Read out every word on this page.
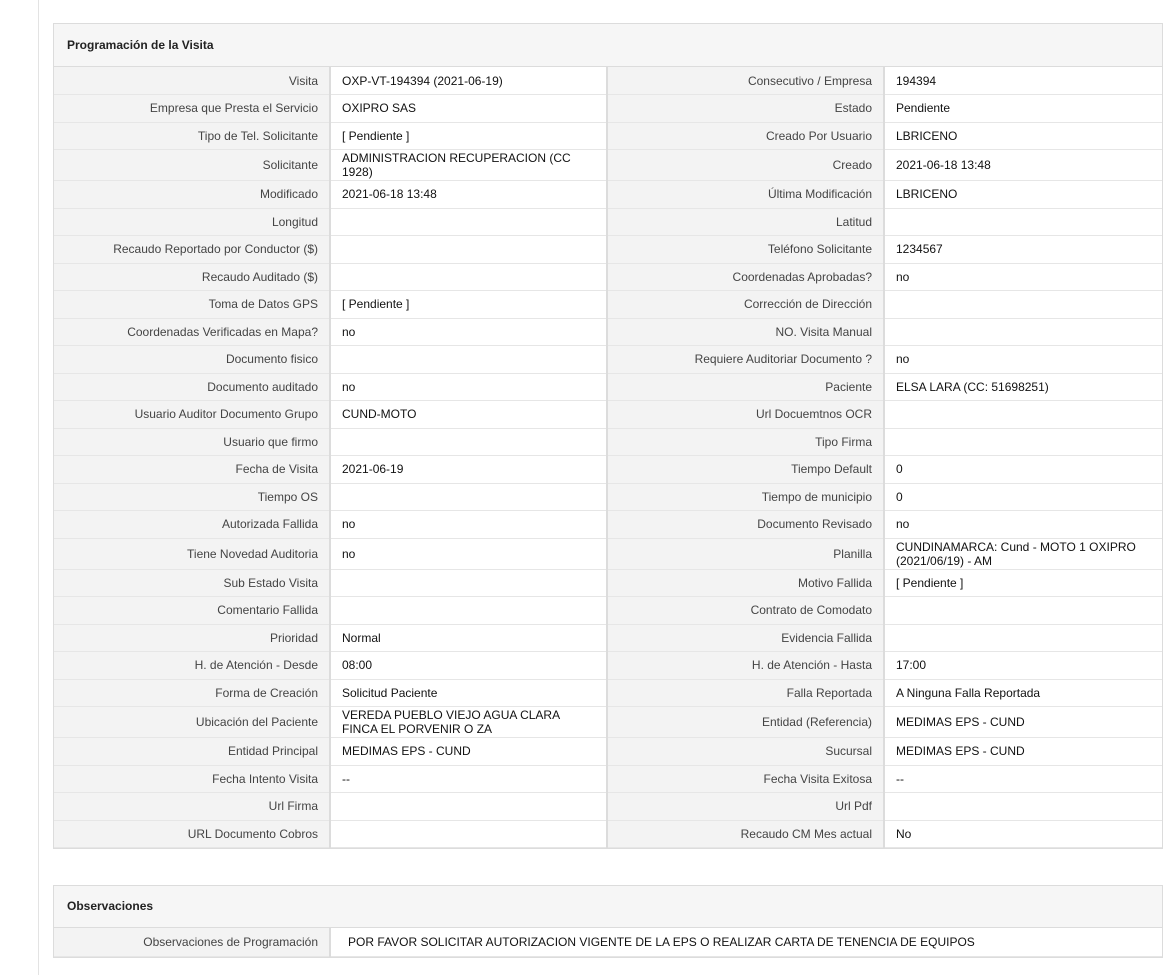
Programación de la Visita
Visita	OXP-VT-194394 (2021-06-19)	Consecutivo / Empresa	194394
Empresa que Presta el Servicio	OXIPRO SAS	Estado	Pendiente
Tipo de Tel. Solicitante	[ Pendiente ]	Creado Por Usuario	LBRICENO
Solicitante	ADMINISTRACION RECUPERACION (CC 1928)	Creado	2021-06-18 13:48
Modificado	2021-06-18 13:48	Última Modificación	LBRICENO
Longitud		Latitud	
Recaudo Reportado por Conductor ($)		Teléfono Solicitante	1234567
Recaudo Auditado ($)		Coordenadas Aprobadas?	no
Toma de Datos GPS	[ Pendiente ]	Corrección de Dirección	
Coordenadas Verificadas en Mapa?	no	NO. Visita Manual	
Documento fisico		Requiere Auditoriar Documento ?	no
Documento auditado	no	Paciente	ELSA LARA (CC: 51698251)
Usuario Auditor Documento Grupo	CUND-MOTO	Url Docuemtnos OCR	
Usuario que firmo		Tipo Firma	
Fecha de Visita	2021-06-19	Tiempo Default	0
Tiempo OS		Tiempo de municipio	0
Autorizada Fallida	no	Documento Revisado	no
Tiene Novedad Auditoria	no	Planilla	CUNDINAMARCA: Cund - MOTO 1 OXIPRO (2021/06/19) - AM
Sub Estado Visita		Motivo Fallida	[ Pendiente ]
Comentario Fallida		Contrato de Comodato	
Prioridad	Normal	Evidencia Fallida	
H. de Atención - Desde	08:00	H. de Atención - Hasta	17:00
Forma de Creación	Solicitud Paciente	Falla Reportada	A Ninguna Falla Reportada
Ubicación del Paciente	VEREDA PUEBLO VIEJO AGUA CLARA FINCA EL PORVENIR O ZA	Entidad (Referencia)	MEDIMAS EPS - CUND
Entidad Principal	MEDIMAS EPS - CUND	Sucursal	MEDIMAS EPS - CUND
Fecha Intento Visita	--	Fecha Visita Exitosa	--
Url Firma		Url Pdf	
URL Documento Cobros		Recaudo CM Mes actual	No
Observaciones
Observaciones de Programación	POR FAVOR SOLICITAR AUTORIZACION VIGENTE DE LA EPS O REALIZAR CARTA DE TENENCIA DE EQUIPOS
